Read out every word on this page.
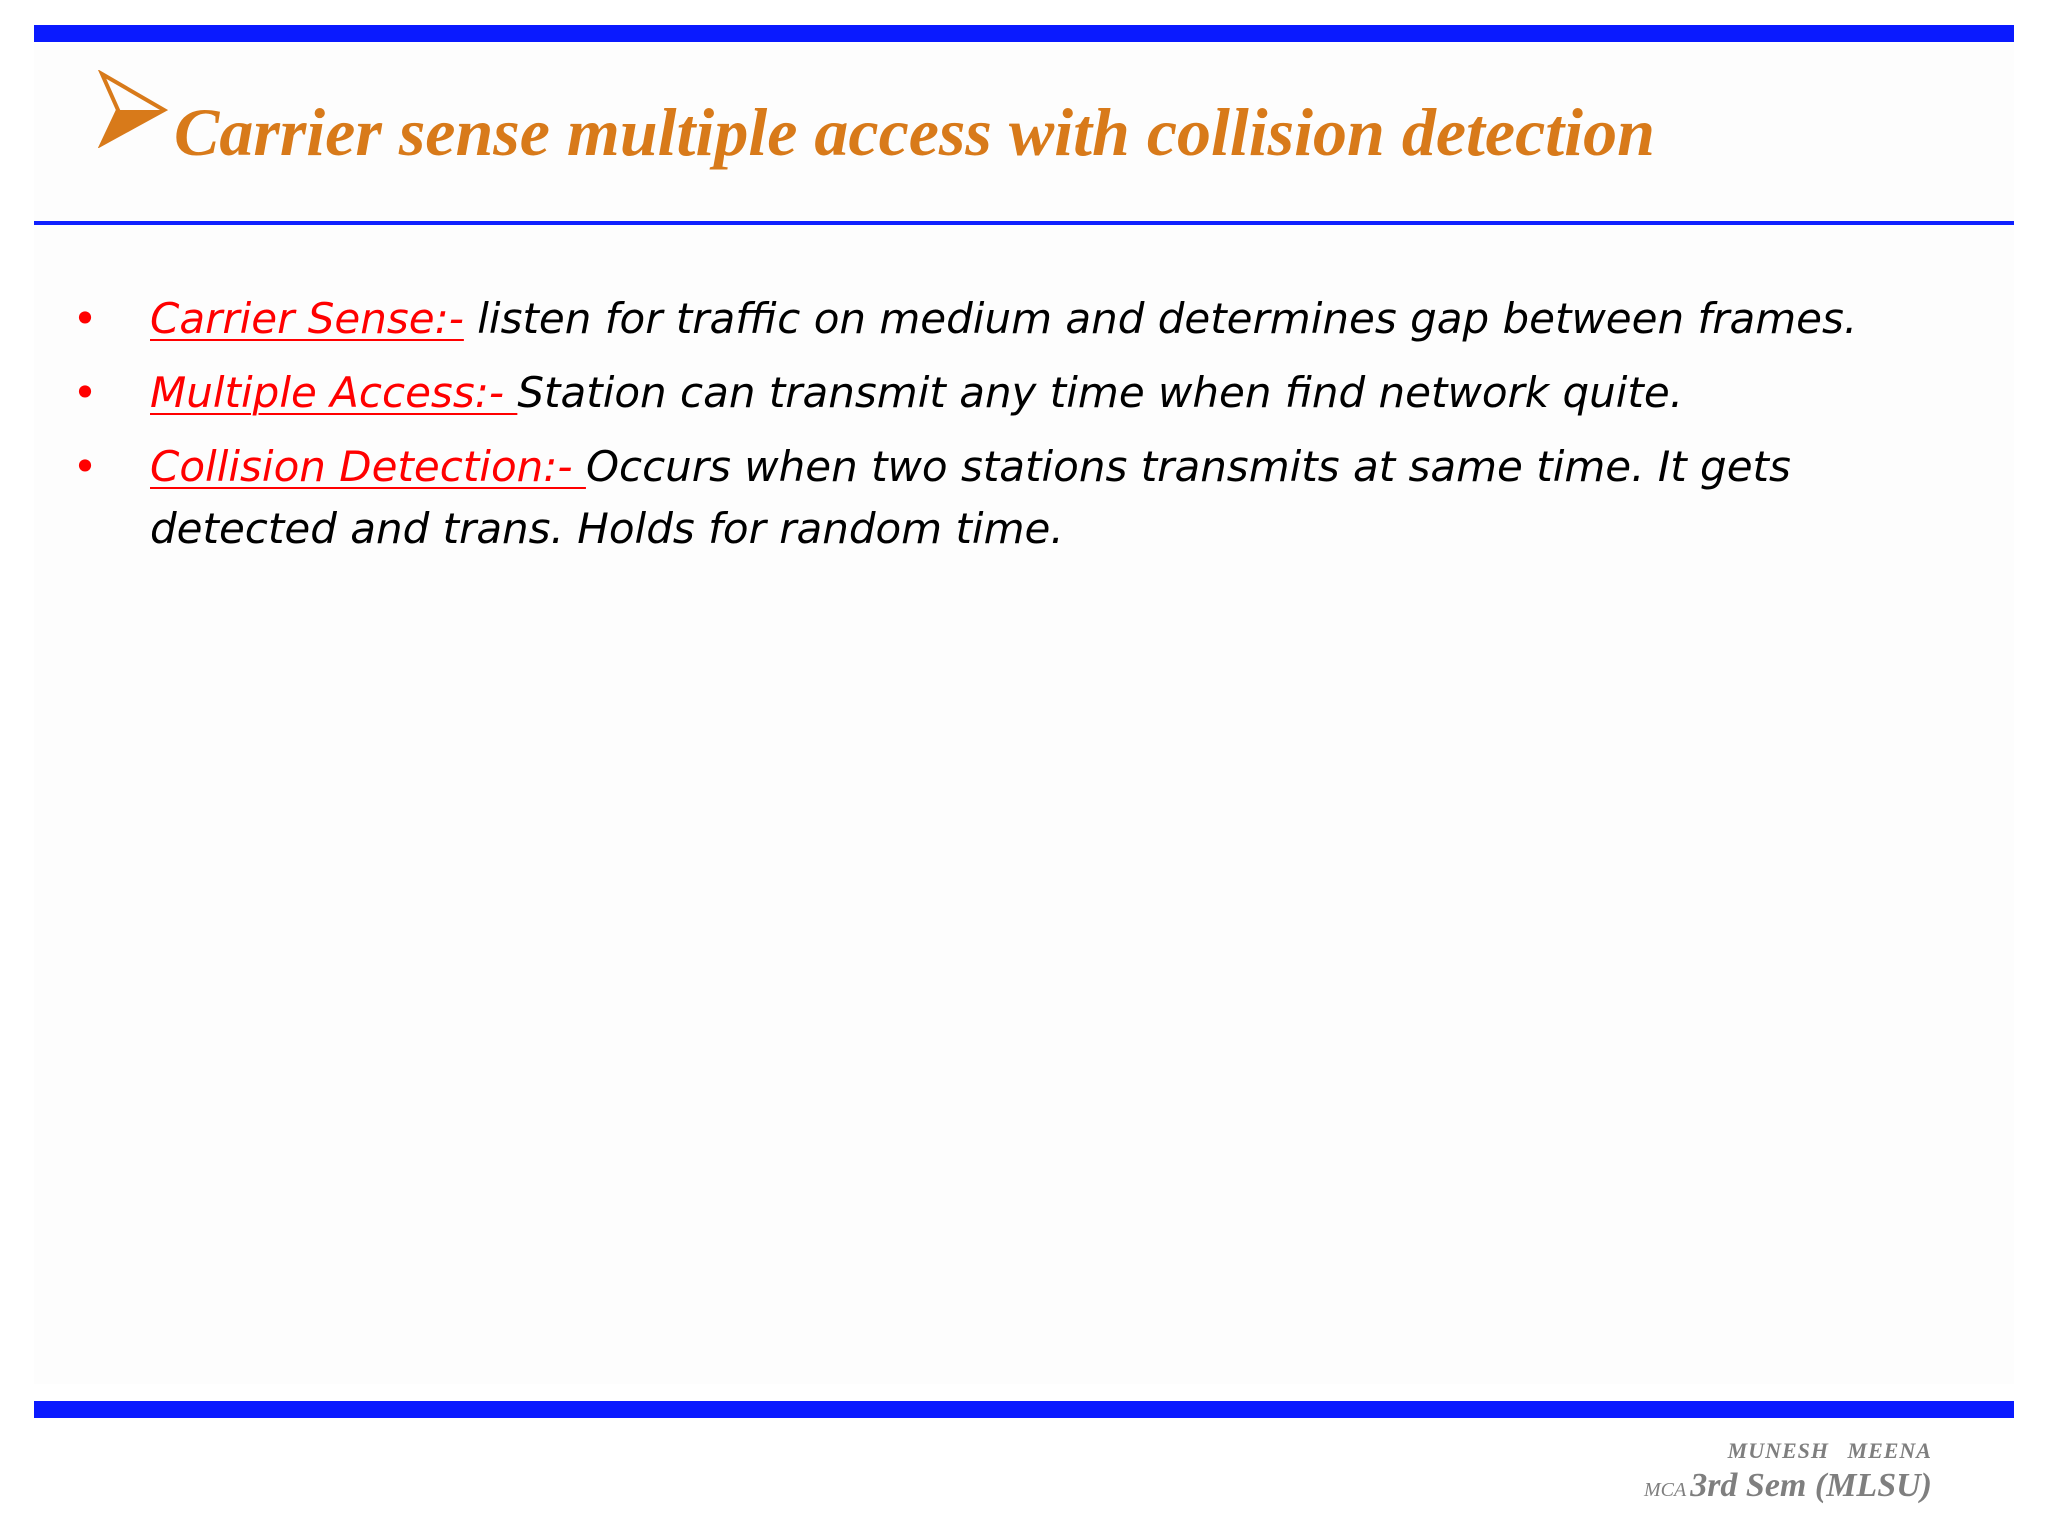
Carrier sense multiple access with collision detection
• Carrier Sense:- listen for traffic on medium and determines gap between frames.
• Multiple Access:- Station can transmit any time when find network quite.
• Collision Detection:- Occurs when two stations transmits at same time. It gets detected and trans. Holds for random time.
MUNESH MEENA
MCA 3rd Sem (MLSU)
